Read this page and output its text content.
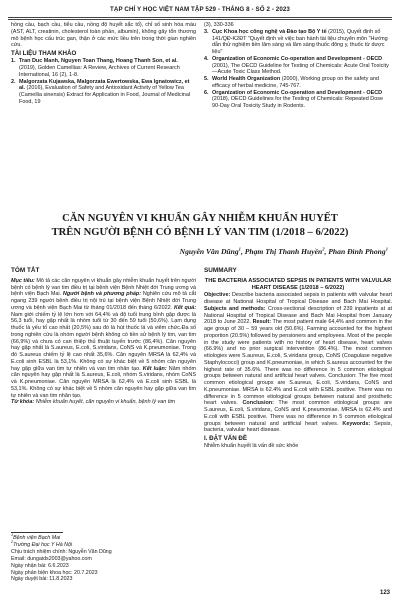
TẠP CHÍ Y HỌC VIỆT NAM TẬP 529 - THÁNG 8 - SỐ 2 - 2023

hồng cầu, bạch cầu, tiểu cầu, nồng độ huyết sắc tố), chỉ số sinh hóa máu (AST, ALT, creatinin, cholesterol toàn phần, albumin), không gây tổn thương mô bệnh học cấu trúc gan, thận ở các mức liều trên trong thời gian nghiên cứu.

TÀI LIỆU THAM KHẢO
1. Tran Duc Manh, Nguyen Toan Thang, Hoang Thanh Son, et al. (2019), Golden Camellias: A Review, Archives of Current Research International, 16 (2), 1-8.
2. Malgorzata Kujawska, Malgorzata Ewertowska, Ewa Ignatowicz, et al. (2016), Evaluation of Safety and Antioxidant Activity of Yellow Tea (Camellia sinensis) Extract for Application in Food, Journal of Medicinal Food, 19

(3), 330-336

3. Cục Khoa học công nghệ và Đào tạo Bộ Y tế (2015), Quyết định số 141/QĐ-K2ĐT "Quyết định về việc ban hành tài liệu chuyên môn "Hướng dẫn thử nghiệm tiền lâm sàng và lâm sàng thuốc đông y, thuốc từ dược liệu"
4. Organization of Economic Co-operation and Development - OECD (2001), The OECD Guideline for Testing of Chemicals: Acute Oral Toxicity—Acute Toxic Class Method.
5. World Health Organization (2000), Working group on the safety and efficacy of herbal medicine, 745-767.
6. Organization of Economic Co-operation and Development - OECD (2018), OECD Guidelines for the Testing of Chemicals: Repeated Dose 90-Day Oral Toxicity Study in Rodents.
CĂN NGUYÊN VI KHUẨN GÂY NHIỄM KHUẨN HUYẾT
TRÊN NGƯỜI BỆNH CÓ BỆNH LÝ VAN TIM (1/2018 – 6/2022)
Nguyễn Văn Dũng$^1$, Phạm Thị Thanh Huyền$^2$, Phan Đình Phong$^1$
TÓM TẮT

Mục tiêu: Mô tả các căn nguyên vi khuẩn gây nhiễm khuẩn huyết trên người bệnh có bệnh lý van tim điều trị tại bệnh viện Bệnh Nhiệt đới Trung ương và bệnh viện Bạch Mai. Người bệnh và phương pháp: Nghiên cứu mô tả cắt ngang 239 người bệnh điều trị nội trú tại bệnh viện Bệnh Nhiệt đới Trung ương và bệnh viện Bạch Mai từ tháng 01/2018 đến tháng 6/2022. Kết quả: Nam giới chiếm tỷ lệ lớn hơn với 64,4% và độ tuổi trung bình gặp được là 56,3 tuổi, hay gặp nhất là nhóm tuổi từ 30 đến 59 tuổi (50,6%). Lạm dụng thuốc là yếu tố cao nhất (20,5%) sau đó là hút thuốc lá và viêm chức.Đa số trong nghiên cứu là nhóm người bệnh không có tiền sử bệnh lý tim, van tim (66,9%) và chưa có can thiệp thủ thuật tuyến trước (86,4%). Căn nguyên hay gặp nhất là S.aureus, E.coli, S.viridans, CoNS và K.pneumoniae. Trong đó S.aureus chiếm tỷ lệ cao nhất 35,6%. Căn nguyên MRSA là 62,4% và E.coli sinh ESBL là 53,1%. Không có sự khác biệt về 5 nhóm căn nguyên hay gặp giữa van tim tự nhiên và van tim nhân tạo. Kết luận: Năm nhóm căn nguyên hay gặp nhất là S.aureus, E.coli, nhóm S.viridans, nhóm CoNS và K.pneumoniae. Căn nguyên MRSA là 62,4% và E.coli sinh ESBL là 53,1%. Không có sự khác biệt về 5 nhóm căn nguyên hay gặp giữa van tim tự nhiên và van tim nhân tạo.

Từ khóa: Nhiễm khuẩn huyết, căn nguyên vi khuẩn, bệnh lý van tim

$^1$Bệnh viện Bạch Mai
$^2$Trường Đại học Y Hà Nội
Chịu trách nhiệm chính: Nguyễn Văn Dũng
Email: dungaids2003@yahoo.com
Ngày nhận bài: 6.6.2023
Ngày phản biện khoa học: 20.7.2023
Ngày duyệt bài: 11.8.2023
SUMMARY
THE BACTERIA ASSOCIATED SEPSIS IN PATIENTS WITH VALVULAR HEART DISEASE (1/2018 – 6/2022)

Objective: Describe bacteria associated sepsis in patients with valvular heart disease at National Hospital of Tropical Disease and Bach Mai Hospital. Subjects and methods: Cross-sectional description of 239 inpatients at at National Hospital of Tropical Disease and Bach Mai Hospital from January 2018 to June 2022. Result: The most patient male 64,4% and common in the age group of 30 – 59 years old (50.6%). Farming accounted for the highest proportion (20.5%) followed by pensioners and employees. Most of the people in the study were patients with no history of heart disease, heart valves (66.9%) and no prior surgical intervention (86.4%). The most common etiologies were S.aureus, E.coli, S.viridans group, CoNS (Coagulase negative Staphylococci) group and K.pneumoniae, in which S.aureus accounted for the highest rate of 35.6%. There was no difference in 5 common etiological groups between natural and artificial heart valves. Conclusion: The five most common etiological groups are S.aureus, E.coli, S.viridans, CoNS and K.pneumoniae. MRSA is 62.4% and E.coli with ESBL positive. There was no difference in 5 common etiological groups between natural and prosthetic heart valves. Conclusion: The most common etiological groups are S.aureus, E.coli, S.viridans, CoNS and K.pneumoniae. MRSA is 62.4% and E.coli with ESBL positive. There was no difference in 5 common etiological groups between natural and artificial heart valves. Keywords: Sepsis, bacteria, valvular heart disease.

I. ĐẶT VẤN ĐỀ

Nhiễm khuẩn huyết là vấn đề sức khỏe

123
